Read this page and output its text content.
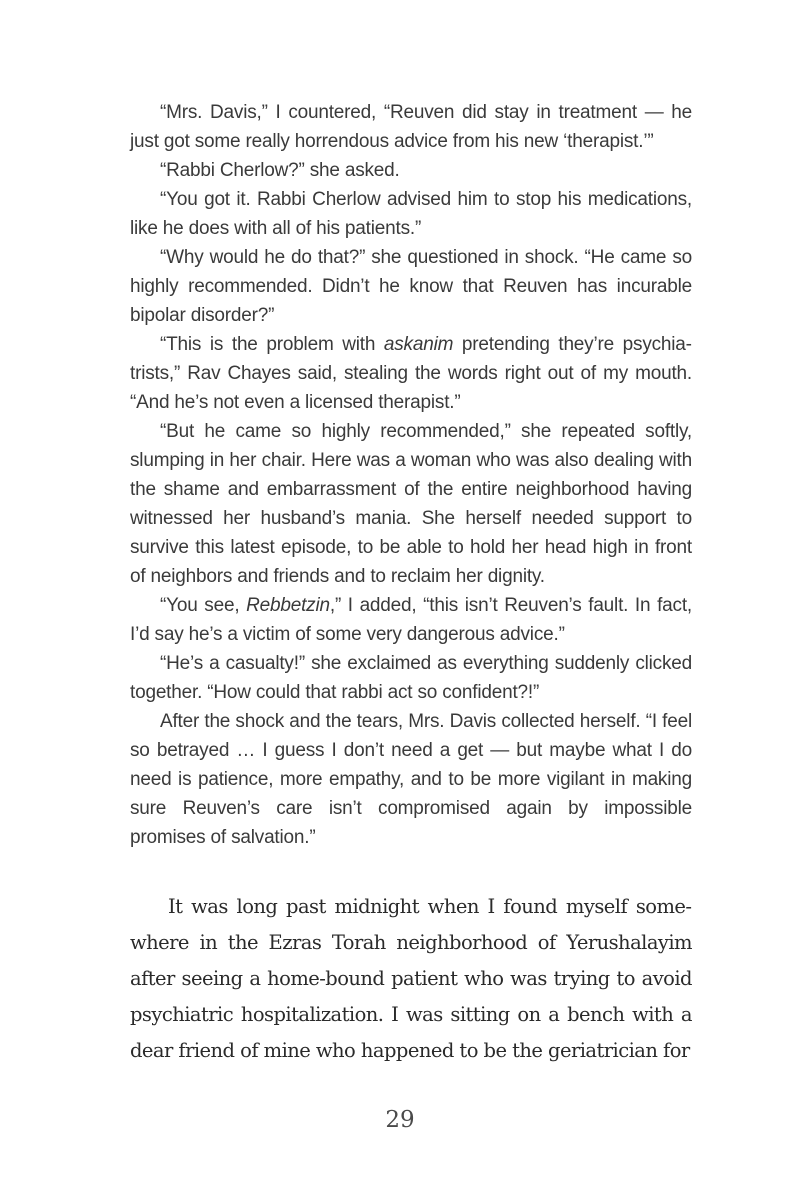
“Mrs. Davis,” I countered, “Reuven did stay in treatment — he just got some really horrendous advice from his new ‘therapist.’”

“Rabbi Cherlow?” she asked.

“You got it. Rabbi Cherlow advised him to stop his medications, like he does with all of his patients.”

“Why would he do that?” she questioned in shock. “He came so highly recommended. Didn’t he know that Reuven has incurable bipolar disorder?”

“This is the problem with askanim pretending they’re psychiatrists,” Rav Chayes said, stealing the words right out of my mouth. “And he’s not even a licensed therapist.”

“But he came so highly recommended,” she repeated softly, slumping in her chair. Here was a woman who was also dealing with the shame and embarrassment of the entire neighborhood having witnessed her husband’s mania. She herself needed support to survive this latest episode, to be able to hold her head high in front of neighbors and friends and to reclaim her dignity.

“You see, Rebbetzin,” I added, “this isn’t Reuven’s fault. In fact, I’d say he’s a victim of some very dangerous advice.”

“He’s a casualty!” she exclaimed as everything suddenly clicked together. “How could that rabbi act so confident?!”

After the shock and the tears, Mrs. Davis collected herself. “I feel so betrayed … I guess I don’t need a get — but maybe what I do need is patience, more empathy, and to be more vigilant in making sure Reuven’s care isn’t compromised again by impossible promises of salvation.”

It was long past midnight when I found myself somewhere in the Ezras Torah neighborhood of Yerushalayim after seeing a home-bound patient who was trying to avoid psychiatric hospitalization. I was sitting on a bench with a dear friend of mine who happened to be the geriatrician for

29
